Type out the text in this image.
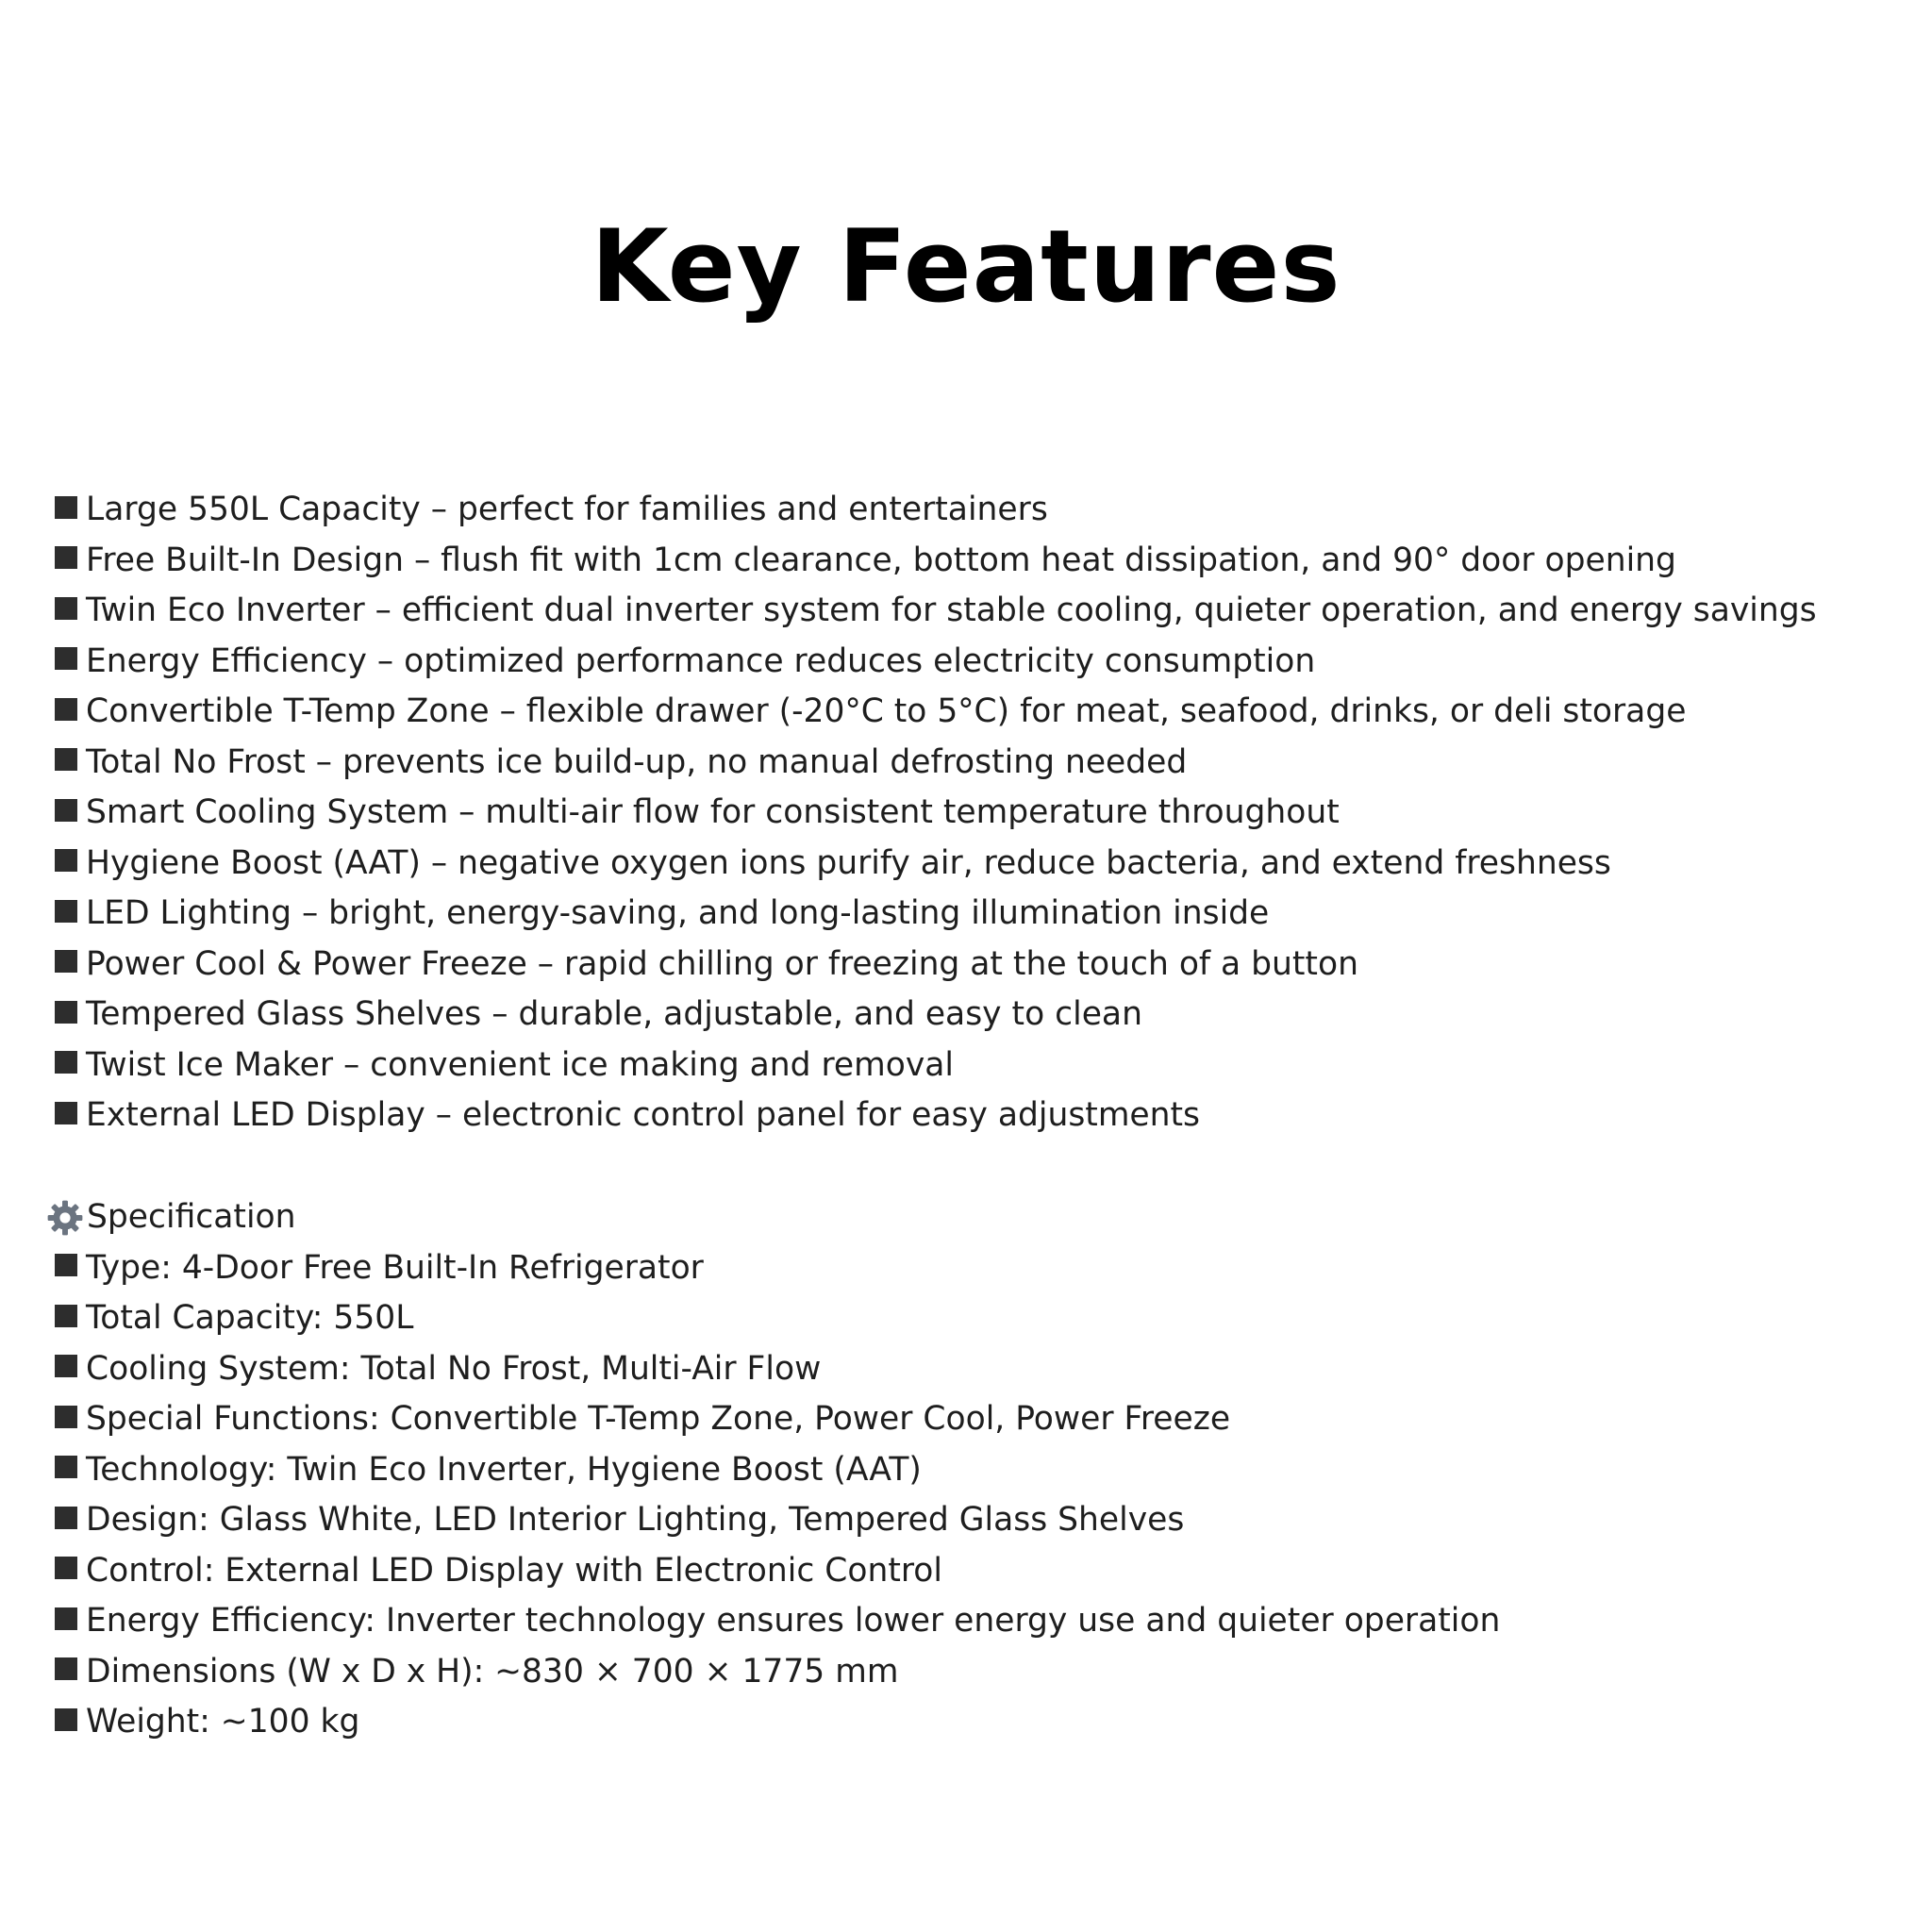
Key Features
Large 550L Capacity – perfect for families and entertainers
Free Built-In Design – flush fit with 1cm clearance, bottom heat dissipation, and 90° door opening
Twin Eco Inverter – efficient dual inverter system for stable cooling, quieter operation, and energy savings
Energy Efficiency – optimized performance reduces electricity consumption
Convertible T-Temp Zone – flexible drawer (-20°C to 5°C) for meat, seafood, drinks, or deli storage
Total No Frost – prevents ice build-up, no manual defrosting needed
Smart Cooling System – multi-air flow for consistent temperature throughout
Hygiene Boost (AAT) – negative oxygen ions purify air, reduce bacteria, and extend freshness
LED Lighting – bright, energy-saving, and long-lasting illumination inside
Power Cool & Power Freeze – rapid chilling or freezing at the touch of a button
Tempered Glass Shelves – durable, adjustable, and easy to clean
Twist Ice Maker – convenient ice making and removal
External LED Display – electronic control panel for easy adjustments
Specification
Type: 4-Door Free Built-In Refrigerator
Total Capacity: 550L
Cooling System: Total No Frost, Multi-Air Flow
Special Functions: Convertible T-Temp Zone, Power Cool, Power Freeze
Technology: Twin Eco Inverter, Hygiene Boost (AAT)
Design: Glass White, LED Interior Lighting, Tempered Glass Shelves
Control: External LED Display with Electronic Control
Energy Efficiency: Inverter technology ensures lower energy use and quieter operation
Dimensions (W x D x H): ~830 × 700 × 1775 mm
Weight: ~100 kg
